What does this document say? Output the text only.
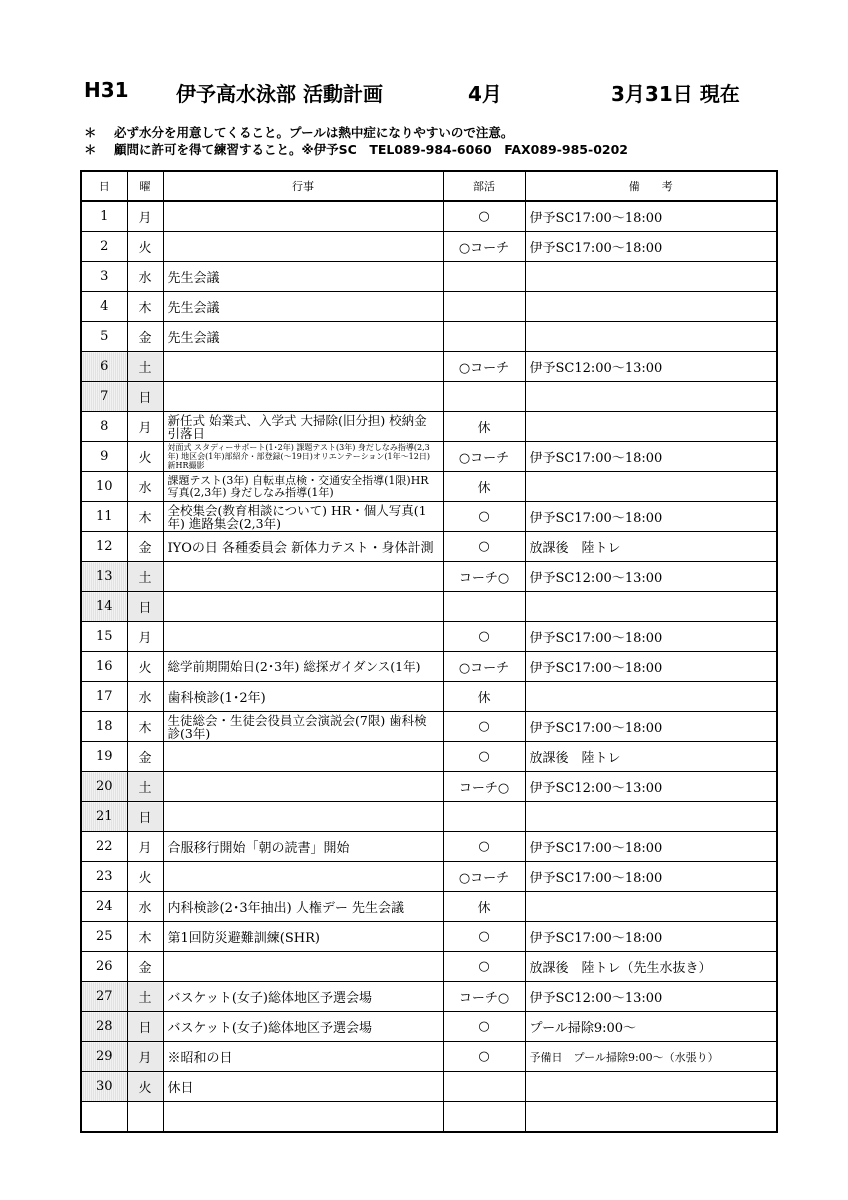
H31 伊予高水泳部 活動計画	4月	3月31日 現在
＊ 必ず水分を用意してくること。プールは熱中症になりやすいので注意。
＊ 顧問に許可を得て練習すること。※伊予SC　TEL089-984-6060　FAX089-985-0202
日	曜	行事	部活	備　　考
1	月		○	伊予SC17:00～18:00
2	火		○コーチ	伊予SC17:00～18:00
3	水	先生会議		
4	木	先生会議		
5	金	先生会議		
6	土		○コーチ	伊予SC12:00～13:00
7	日			
8	月	新任式 始業式、入学式 大掃除(旧分担) 校納金引落日	休	
9	火	対面式 スタディーサポート(1･2年) 課題テスト(3年) 身だしなみ指導(2,3年) 地区会(1年)部紹介・部登録(～19日)オリエンテーション(1年～12日) 新HR撮影	○コーチ	伊予SC17:00～18:00
10	水	課題テスト(3年) 自転車点検・交通安全指導(1限)HR写真(2,3年) 身だしなみ指導(1年)	休	
11	木	全校集会(教育相談について) HR・個人写真(1年) 進路集会(2,3年)	○	伊予SC17:00～18:00
12	金	IYOの日 各種委員会 新体力テスト・身体計測	○	放課後　陸トレ
13	土		コーチ○	伊予SC12:00～13:00
14	日			
15	月		○	伊予SC17:00～18:00
16	火	総学前期開始日(2･3年) 総探ガイダンス(1年)	○コーチ	伊予SC17:00～18:00
17	水	歯科検診(1･2年)	休	
18	木	生徒総会・生徒会役員立会演説会(7限) 歯科検診(3年)	○	伊予SC17:00～18:00
19	金		○	放課後　陸トレ
20	土		コーチ○	伊予SC12:00～13:00
21	日			
22	月	合服移行開始「朝の読書」開始	○	伊予SC17:00～18:00
23	火		○コーチ	伊予SC17:00～18:00
24	水	内科検診(2･3年抽出) 人権デー 先生会議	休	
25	木	第1回防災避難訓練(SHR)	○	伊予SC17:00～18:00
26	金		○	放課後　陸トレ（先生水抜き）
27	土	バスケット(女子)総体地区予選会場	コーチ○	伊予SC12:00～13:00
28	日	バスケット(女子)総体地区予選会場	○	プール掃除9:00～
29	月	※昭和の日	○	予備日　プール掃除9:00～（水張り）
30	火	休日		
